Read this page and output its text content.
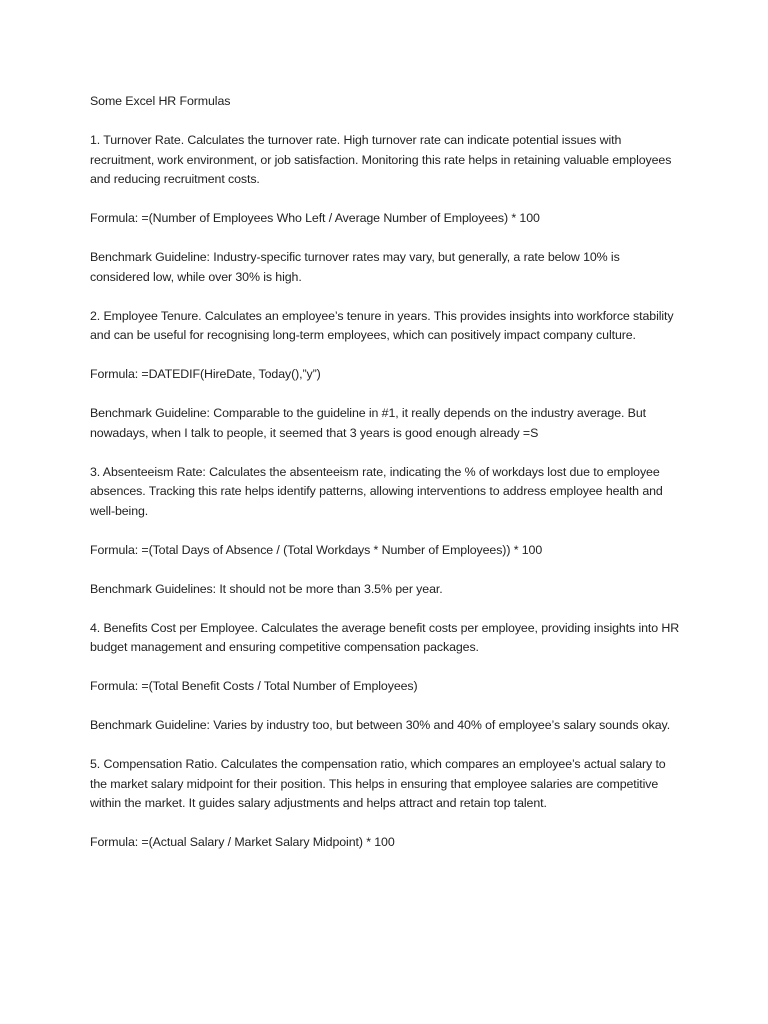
Some Excel HR Formulas

1. Turnover Rate. Calculates the turnover rate. High turnover rate can indicate potential issues with recruitment, work environment, or job satisfaction. Monitoring this rate helps in retaining valuable employees and reducing recruitment costs.

Formula: =(Number of Employees Who Left / Average Number of Employees) * 100

Benchmark Guideline: Industry-specific turnover rates may vary, but generally, a rate below 10% is considered low, while over 30% is high.

2. Employee Tenure. Calculates an employee’s tenure in years. This provides insights into workforce stability and can be useful for recognising long-term employees, which can positively impact company culture.

Formula: =DATEDIF(HireDate, Today(),”y”)

Benchmark Guideline: Comparable to the guideline in #1, it really depends on the industry average. But nowadays, when I talk to people, it seemed that 3 years is good enough already =S

3. Absenteeism Rate: Calculates the absenteeism rate, indicating the % of workdays lost due to employee absences. Tracking this rate helps identify patterns, allowing interventions to address employee health and well-being.

Formula: =(Total Days of Absence / (Total Workdays * Number of Employees)) * 100

Benchmark Guidelines: It should not be more than 3.5% per year.

4. Benefits Cost per Employee. Calculates the average benefit costs per employee, providing insights into HR budget management and ensuring competitive compensation packages.

Formula: =(Total Benefit Costs / Total Number of Employees)

Benchmark Guideline: Varies by industry too, but between 30% and 40% of employee’s salary sounds okay.

5. Compensation Ratio. Calculates the compensation ratio, which compares an employee’s actual salary to the market salary midpoint for their position. This helps in ensuring that employee salaries are competitive within the market. It guides salary adjustments and helps attract and retain top talent.

Formula: =(Actual Salary / Market Salary Midpoint) * 100
